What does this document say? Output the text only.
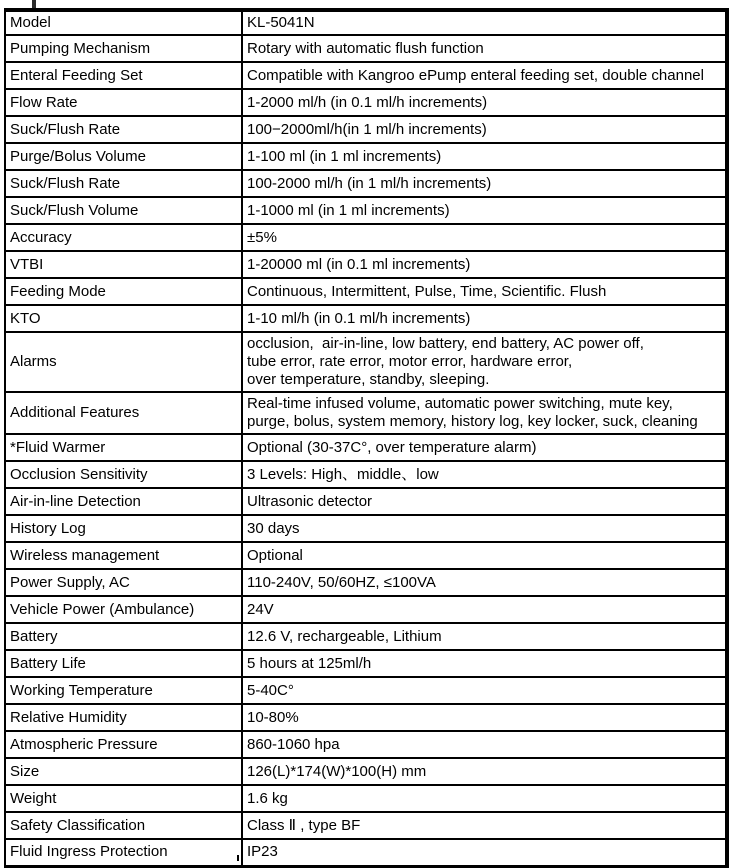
Model	KL-5041N

Pumping Mechanism	Rotary with automatic flush function

Enteral Feeding Set	Compatible with Kangroo ePump enteral feeding set, double channel

Flow Rate	1-2000 ml/h (in 0.1 ml/h increments)

Suck/Flush Rate	100−2000ml/h(in 1 ml/h increments)

Purge/Bolus Volume	1-100 ml (in 1 ml increments)

Suck/Flush Rate	100-2000 ml/h (in 1 ml/h increments)

Suck/Flush Volume	1-1000 ml (in 1 ml increments)

Accuracy	±5%

VTBI	1-20000 ml (in 0.1 ml increments)

Feeding Mode	Continuous, Intermittent, Pulse, Time, Scientific. Flush

KTO	1-10 ml/h (in 0.1 ml/h increments)

Alarms	occlusion,  air-in-line, low battery, end battery, AC power off,
tube error, rate error, motor error, hardware error,
over temperature, standby, sleeping.

Additional Features	Real-time infused volume, automatic power switching, mute key,
purge, bolus, system memory, history log, key locker, suck, cleaning

*Fluid Warmer	Optional (30-37C°, over temperature alarm)

Occlusion Sensitivity	3 Levels: High、middle、low

Air-in-line Detection	Ultrasonic detector

History Log	30 days

Wireless management	Optional

Power Supply, AC	110-240V, 50/60HZ, ≤100VA

Vehicle Power (Ambulance)	24V

Battery	12.6 V, rechargeable, Lithium

Battery Life	5 hours at 125ml/h

Working Temperature	5-40C°

Relative Humidity	10-80%

Atmospheric Pressure	860-1060 hpa

Size	126(L)*174(W)*100(H) mm

Weight	1.6 kg

Safety Classification	Class Ⅱ , type BF

Fluid Ingress Protection	IP23
